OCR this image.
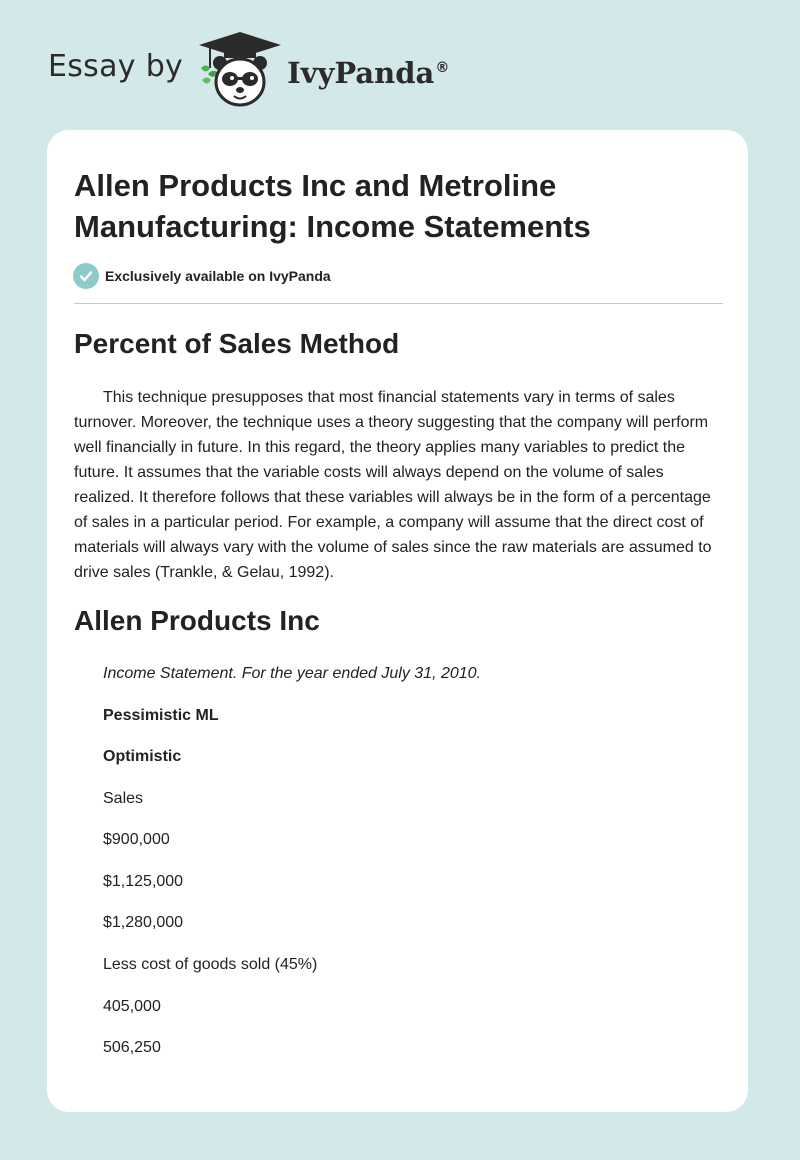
Essay by	IvyPanda®
Allen Products Inc and Metroline Manufacturing: Income Statements
Exclusively available on IvyPanda
Percent of Sales Method

This technique presupposes that most financial statements vary in terms of sales turnover. Moreover, the technique uses a theory suggesting that the company will perform well financially in future. In this regard, the theory applies many variables to predict the future. It assumes that the variable costs will always depend on the volume of sales realized. It therefore follows that these variables will always be in the form of a percentage of sales in a particular period. For example, a company will assume that the direct cost of materials will always vary with the volume of sales since the raw materials are assumed to drive sales (Trankle, & Gelau, 1992).

Allen Products Inc
Income Statement. For the year ended July 31, 2010.
Pessimistic ML
Optimistic
Sales
$900,000
$1,125,000
$1,280,000
Less cost of goods sold (45%)
405,000
506,250
